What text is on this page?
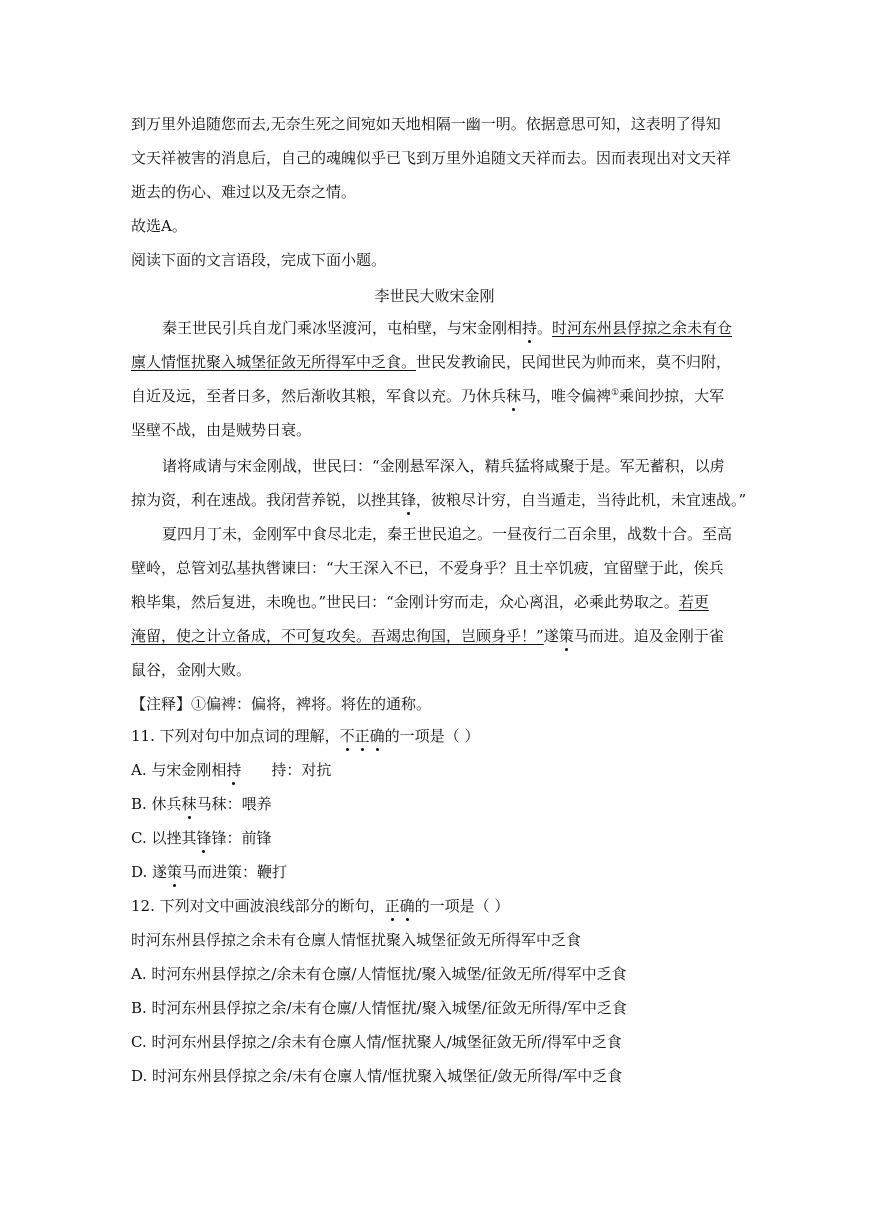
到万里外追随您而去,无奈生死之间宛如天地相隔一幽一明。依据意思可知，这表明了得知
文天祥被害的消息后，自己的魂魄似乎已飞到万里外追随文天祥而去。因而表现出对文天祥
逝去的伤心、难过以及无奈之情。
故选A。
阅读下面的文言语段，完成下面小题。
李世民大败宋金刚
秦王世民引兵自龙门乘冰坚渡河，屯柏壁，与宋金刚相持。时河东州县俘掠之余未有仓
廪人情恇扰聚入城堡征敛无所得军中乏食。世民发教谕民，民闻世民为帅而来，莫不归附，
自近及远，至者日多，然后渐收其粮，军食以充。乃休兵秣马，唯令偏裨①乘间抄掠，大军
坚壁不战，由是贼势日衰。
诸将咸请与宋金刚战，世民曰：“金刚悬军深入，精兵猛将咸聚于是。军无蓄积，以虏
掠为资，利在速战。我闭营养锐，以挫其锋，彼粮尽计穷，自当遁走，当待此机，未宜速战。”
夏四月丁未，金刚军中食尽北走，秦王世民追之。一昼夜行二百余里，战数十合。至高
壁岭，总管刘弘基执辔谏曰：“大王深入不已，不爱身乎？且士卒饥疲，宜留壁于此，俟兵
粮毕集，然后复进，未晚也。”世民曰：“金刚计穷而走，众心离沮，必乘此势取之。若更
淹留，使之计立备成，不可复攻矣。吾竭忠徇国，岂顾身乎！”遂策马而进。追及金刚于雀
鼠谷，金刚大败。
【注释】①偏裨：偏将，裨将。将佐的通称。
11. 下列对句中加点词的理解，不正确的一项是（ ）
A. 与宋金刚相持 持：对抗
B. 休兵秣马秣：喂养
C. 以挫其锋锋：前锋
D. 遂策马而进策：鞭打
12. 下列对文中画波浪线部分的断句，正确的一项是（ ）
时河东州县俘掠之余未有仓廪人情恇扰聚入城堡征敛无所得军中乏食
A. 时河东州县俘掠之/余未有仓廪/人情恇扰/聚入城堡/征敛无所/得军中乏食
B. 时河东州县俘掠之余/未有仓廪/人情恇扰/聚入城堡/征敛无所得/军中乏食
C. 时河东州县俘掠之/余未有仓廪人情/恇扰聚人/城堡征敛无所/得军中乏食
D. 时河东州县俘掠之余/未有仓廪人情/恇扰聚入城堡征/敛无所得/军中乏食
